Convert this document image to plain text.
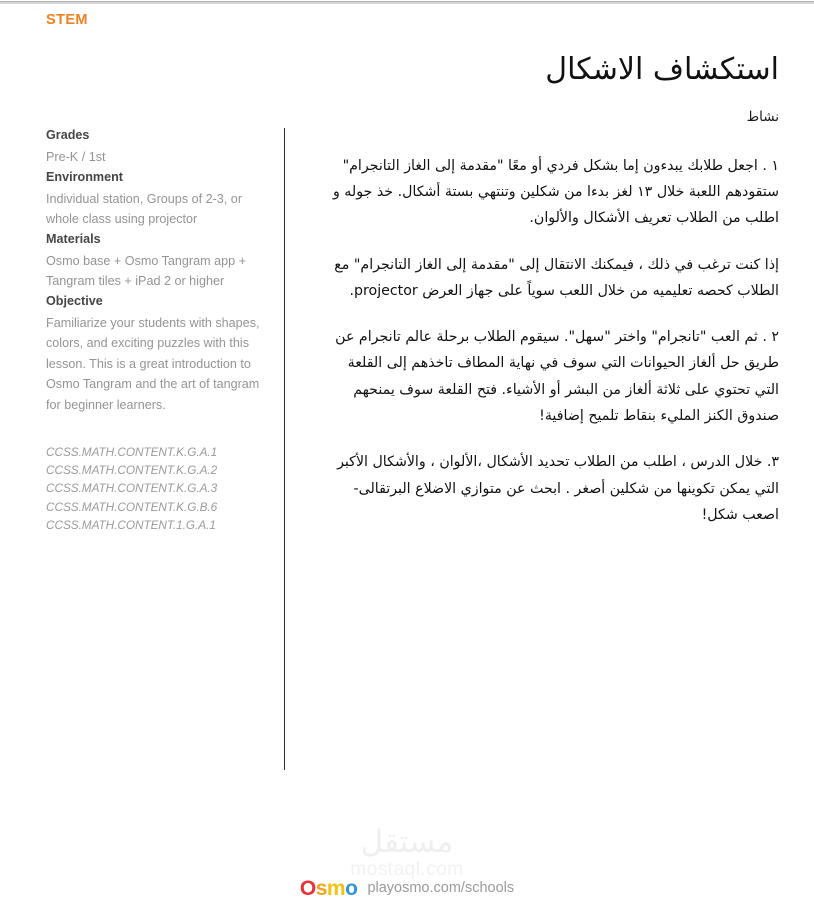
STEM
استكشاف الاشكال

Grades

Pre-K / 1st

Environment

Individual station, Groups of 2-3, or whole class using projector

Materials

Osmo base + Osmo Tangram app + Tangram tiles + iPad 2 or higher

Objective

Familiarize your students with shapes, colors, and exciting puzzles with this lesson. This is a great introduction to Osmo Tangram and the art of tangram for beginner learners.

CCSS.MATH.CONTENT.K.G.A.1
CCSS.MATH.CONTENT.K.G.A.2
CCSS.MATH.CONTENT.K.G.A.3
CCSS.MATH.CONTENT.K.G.B.6
CCSS.MATH.CONTENT.1.G.A.1

نشاط

١ . اجعل طلابك يبدءون إما بشكل فردي أو معًا "مقدمة إلى الغاز التانجرام" ستقودهم اللعبة خلال ١٣ لغز بدءا من شكلين وتنتهي بستة أشكال. خذ جوله و اطلب من الطلاب تعريف الأشكال والألوان.

إذا كنت ترغب في ذلك ، فيمكنك الانتقال إلى "مقدمة إلى الغاز التانجرام" مع الطلاب كحصه تعليميه من خلال اللعب سوياً على جهاز العرض projector.

٢ . ثم العب "تانجرام" واختر "سهل". سيقوم الطلاب برحلة عالم تانجرام عن طريق حل ألغاز الحيوانات التي سوف في نهاية المطاف تاخذهم إلى القلعة التي تحتوي على ثلاثة ألغاز من البشر أو الأشياء. فتح القلعة سوف يمنحهم صندوق الكنز المليء بنقاط تلميح إضافية!

٣. خلال الدرس ، اطلب من الطلاب تحديد الأشكال ،الألوان ، والأشكال الأكبر التي يمكن تكوينها من شكلين أصغر . ابحث عن متوازي الاضلاع البرتقالى- اصعب شكل!

مستقل
mostaql.com
Osmo playosmo.com/schools
